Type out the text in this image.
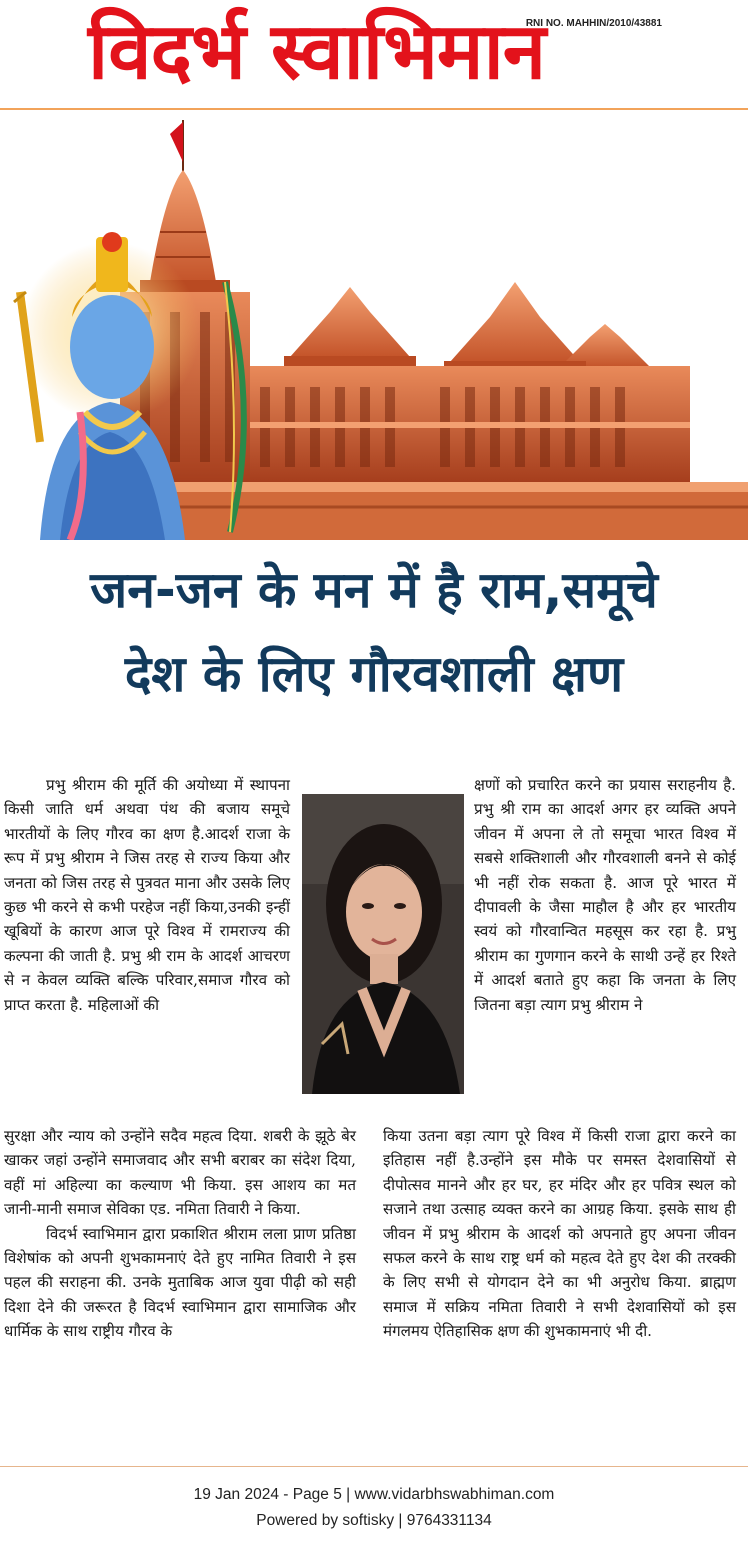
विदर्भ स्वाभिमान
RNI NO. MAHHIN/2010/43881
जन-जन के मन में है राम,समूचे
देश के लिए गौरवशाली क्षण

प्रभु श्रीराम की मूर्ति की अयोध्या में स्थापना किसी जाति धर्म अथवा पंथ की बजाय समूचे भारतीयों के लिए गौरव का क्षण है.आदर्श राजा के रूप में प्रभु श्रीराम ने जिस तरह से राज्य किया और जनता को जिस तरह से पुत्रवत माना और उसके लिए कुछ भी करने से कभी परहेज नहीं किया,उनकी इन्हीं खूबियों के कारण आज पूरे विश्व में रामराज्य की कल्पना की जाती है. प्रभु श्री राम के आदर्श आचरण से न केवल व्यक्ति बल्कि परिवार,समाज गौरव को प्राप्त करता है. महिलाओं की

सुरक्षा और न्याय को उन्होंने सदैव महत्व दिया. शबरी के झूठे बेर खाकर जहां उन्होंने समाजवाद और सभी बराबर का संदेश दिया, वहीं मां अहिल्या का कल्याण भी किया. इस आशय का मत जानी-मानी समाज सेविका एड. नमिता तिवारी ने किया.

विदर्भ स्वाभिमान द्वारा प्रकाशित श्रीराम लला प्राण प्रतिष्ठा विशेषांक को अपनी शुभकामनाएं देते हुए नामित तिवारी ने इस पहल की सराहना की. उनके मुताबिक आज युवा पीढ़ी को सही दिशा देने की जरूरत है विदर्भ स्वाभिमान द्वारा सामाजिक और धार्मिक के साथ राष्ट्रीय गौरव के

क्षणों को प्रचारित करने का प्रयास सराहनीय है. प्रभु श्री राम का आदर्श अगर हर व्यक्ति अपने जीवन में अपना ले तो समूचा भारत विश्व में सबसे शक्तिशाली और गौरवशाली बनने से कोई भी नहीं रोक सकता है. आज पूरे भारत में दीपावली के जैसा माहौल है और हर भारतीय स्वयं को गौरवान्वित महसूस कर रहा है. प्रभु श्रीराम का गुणगान करने के साथी उन्हें हर रिश्ते में आदर्श बताते हुए कहा कि जनता के लिए जितना बड़ा त्याग प्रभु श्रीराम ने

किया उतना बड़ा त्याग पूरे विश्व में किसी राजा द्वारा करने का इतिहास नहीं है.उन्होंने इस मौके पर समस्त देशवासियों से दीपोत्सव मानने और हर घर, हर मंदिर और हर पवित्र स्थल को सजाने तथा उत्साह व्यक्त करने का आग्रह किया. इसके साथ ही जीवन में प्रभु श्रीराम के आदर्श को अपनाते हुए अपना जीवन सफल करने के साथ राष्ट्र धर्म को महत्व देते हुए देश की तरक्की के लिए सभी से योगदान देने का भी अनुरोध किया. ब्राह्मण समाज में सक्रिय नमिता तिवारी ने सभी देशवासियों को इस मंगलमय ऐतिहासिक क्षण की शुभकामनाएं भी दी.

19 Jan 2024 - Page 5 | www.vidarbhswabhiman.com
Powered by softisky | 9764331134
